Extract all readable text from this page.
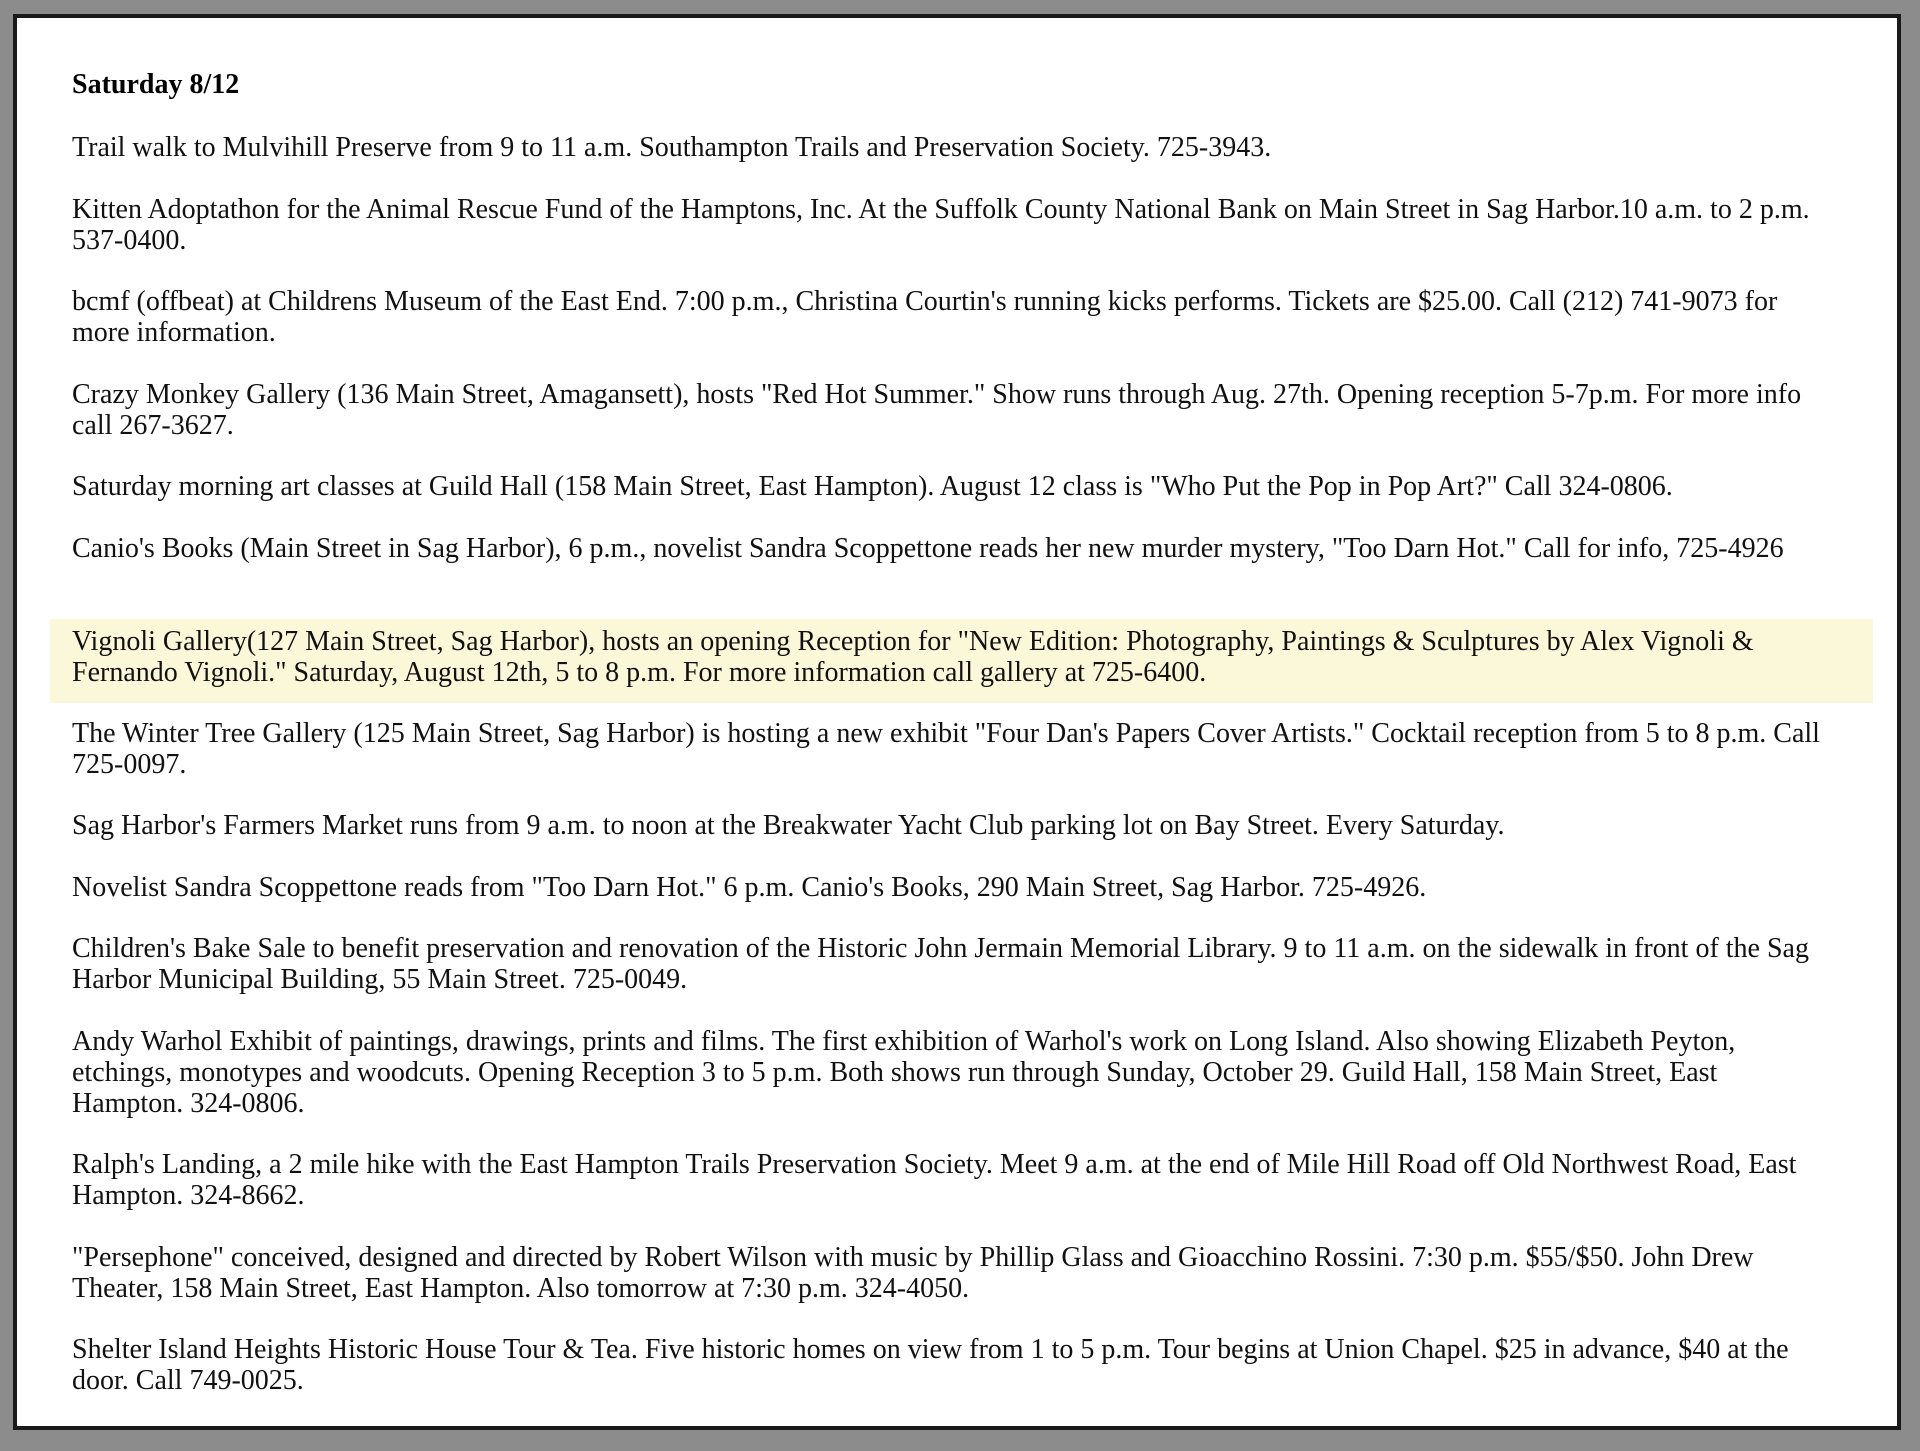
Saturday 8/12
Trail walk to Mulvihill Preserve from 9 to 11 a.m. Southampton Trails and Preservation Society. 725-3943.
Kitten Adoptathon for the Animal Rescue Fund of the Hamptons, Inc. At the Suffolk County National Bank on Main Street in Sag Harbor.10 a.m. to 2 p.m. 537-0400.
bcmf (offbeat) at Childrens Museum of the East End. 7:00 p.m., Christina Courtin's running kicks performs. Tickets are $25.00. Call (212) 741-9073 for more information.
Crazy Monkey Gallery (136 Main Street, Amagansett), hosts "Red Hot Summer." Show runs through Aug. 27th. Opening reception 5-7p.m. For more info call 267-3627.
Saturday morning art classes at Guild Hall (158 Main Street, East Hampton). August 12 class is "Who Put the Pop in Pop Art?" Call 324-0806.
Canio's Books (Main Street in Sag Harbor), 6 p.m., novelist Sandra Scoppettone reads her new murder mystery, "Too Darn Hot." Call for info, 725-4926
Vignoli Gallery(127 Main Street, Sag Harbor), hosts an opening Reception for "New Edition: Photography, Paintings & Sculptures by Alex Vignoli & Fernando Vignoli." Saturday, August 12th, 5 to 8 p.m. For more information call gallery at 725-6400.
The Winter Tree Gallery (125 Main Street, Sag Harbor) is hosting a new exhibit "Four Dan's Papers Cover Artists." Cocktail reception from 5 to 8 p.m. Call 725-0097.
Sag Harbor's Farmers Market runs from 9 a.m. to noon at the Breakwater Yacht Club parking lot on Bay Street. Every Saturday.
Novelist Sandra Scoppettone reads from "Too Darn Hot." 6 p.m. Canio's Books, 290 Main Street, Sag Harbor. 725-4926.
Children's Bake Sale to benefit preservation and renovation of the Historic John Jermain Memorial Library. 9 to 11 a.m. on the sidewalk in front of the Sag Harbor Municipal Building, 55 Main Street. 725-0049.
Andy Warhol Exhibit of paintings, drawings, prints and films. The first exhibition of Warhol's work on Long Island. Also showing Elizabeth Peyton, etchings, monotypes and woodcuts. Opening Reception 3 to 5 p.m. Both shows run through Sunday, October 29. Guild Hall, 158 Main Street, East Hampton. 324-0806.
Ralph's Landing, a 2 mile hike with the East Hampton Trails Preservation Society. Meet 9 a.m. at the end of Mile Hill Road off Old Northwest Road, East Hampton. 324-8662.
"Persephone" conceived, designed and directed by Robert Wilson with music by Phillip Glass and Gioacchino Rossini. 7:30 p.m. $55/$50. John Drew Theater, 158 Main Street, East Hampton. Also tomorrow at 7:30 p.m. 324-4050.
Shelter Island Heights Historic House Tour & Tea. Five historic homes on view from 1 to 5 p.m. Tour begins at Union Chapel. $25 in advance, $40 at the door. Call 749-0025.
